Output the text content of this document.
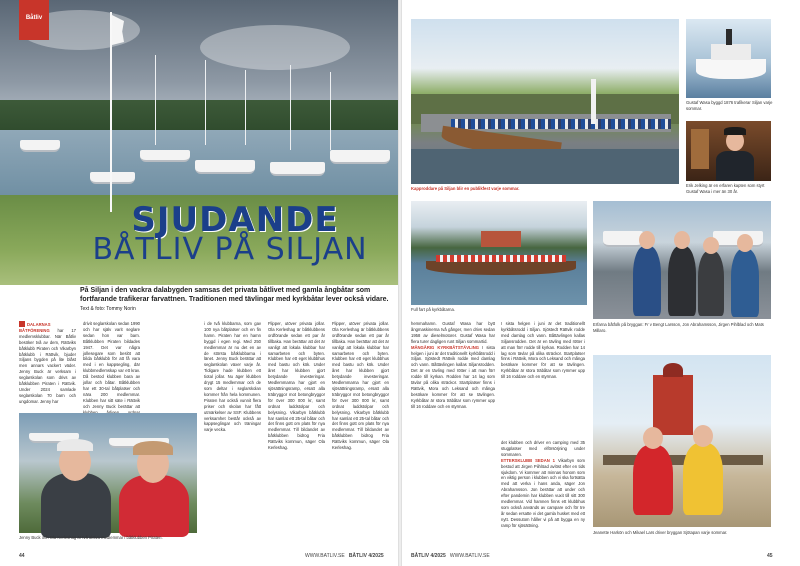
Båtliv
SJUDANDE
BÅTLIV PÅ SILJAN
På Siljan i den vackra dalabygden samsas det privata båtlivet med gamla ångbåtar som fortfarande trafikerar farvattnen. Traditionen med tävlingar med kyrkbåtar lever också vidare. Text & foto: Tommy Norin
DALARNAS BÅTFÖRENING har 17 medlemsklubbar. När Båtliv besöker två av dem, Rättviks båtklubb Piraten och Vikarbyn båtklubb i Rättvik, bjuder Siljans bygden på lite blåst men annars vackert väder. Jenny Buck är verksam i seglarskolan som drivs av båtklubben Piraten i Rättvik. Under 2024 samlade seglarskolan 70 barn och ungdomar. Jenny har
drivit seglarskolan sedan 1990 och har själv varit seglare sedan hon var barn. Båtklubben Piraten bildades 1947. Det var några jollesegare som beslöt att bilda båtklubb för att få vara med i en kappsegling, där klubbmedlemskap var ett krav. Då bestod klubben bara av jollar och båtar. Båtklubben har ett 30-tal båtplatser och nära 200 medlemmar. Klubben har sitt säte i Rättvik och Jenny Buck berättar att
i de två klubbarna, som gav 100 nya båtplatser och en fin hamn. Piraten har en hamn byggd i egen regi. Med 250 medlemmar är nu det en av de största båtklubbarna i länet. Jenny Buck berättar att seglarskolan växer varje år. Tidigare hade klubben ett tiotal jollar. Nu äger klubben drygt 15 medlemmar och de som deltar i seglarskolan kommer från hela kommunen. Piraten har också vunnit flera priser och skolan har fått utmärkelser av SSF. Klubbens verksamhet består också av kappseglingar och träningar varje vecka.
Flipper, utöver privata jollar. Ola Kerleshag är båtklubbens ordförande sedan ett par år tillbaka. Han berättar att det är vanligt att lokala klubbar har samarbeten och byten. Klubben har ett eget klubbhus med bastu och kök. Under året har klubben gjort betydande investeringar. Medlemmarna har gjort en sjösättningsramp, ersatt alla träbryggor mot betongbryggor för över 300 000 kr, samt ordnat laddstolpar och belysning. Vikarbyn båtklubb har samlat ett 25-tal båtar och det finns gott om plats för nya medlemmar. Till bildandet av båtklubben bidrog Fria Rättviks kommun, säger Ola Kerleshag.
Flipper, utöver privata jollar. Ola Kerleshag är båtklubbens ordförande sedan ett par år tillbaka. Han berättar att det är vanligt att lokala klubbar har samarbeten och byten. Klubben har ett eget klubbhus med bastu och kök. Under året har klubben gjort betydande investeringar. Medlemmarna har gjort en sjösättningsramp, ersatt alla träbryggor mot betongbryggor för över 300 000 kr, samt ordnat laddstolpar och belysning. Vikarbyn båtklubb har samlat ett 25-tal båtar och det finns gott om plats för nya medlemmar. Till bildandet av båtklubben bidrog Fria Rättviks kommun, säger Ola Kerleshag.
Jenny Buck och Ola Kerleshag är två aktiva medlemmar i båtklubben Piraten.
44	WWW.BATLIV.SE BÅTLIV 4/2025
Kapproddare på Siljan blir en publikfest varje sommar.
Gustaf Wasa byggd 1876 trafikerar Siljan varje sommar.
Erik Jelking är en erfaren kapten som styrt Gustaf Wasa i mer än 30 år.
Full fart på kyrkbåtarna.
Erfarna båtfolk på bryggan: Fr v Bengt Larsson, Jon Abrahamsson, Jirgen Pihlblad och Mats Millaro.
hemmahamn. Gustaf Wasa har bytt ångmaskinerna två gånger, men drivs sedan 1958 av dieselmotorer. Gustaf Wasa har flera turer dagligen runt Siljan sommartid.
MÅNGÅRIG KYRKBÅTSTÄVLING I sista helgen i juni är det traditionellt kyrkbåtsrodd i Siljan. Sjöstedt Rättvik rodde med damlag och vann. Båttävlingen kallas Siljansrodden. Det är en tävling med rötter i att man förr rodde till kyrkan. Rodden har 14 lag som tävlar på olika sträckor. Startplatser finns i Rättvik, Mora och Leksand och många besökare kommer för att se tävlingen. Kyrkbåtar är stora träbåtar som rymmer upp till 16 roddare och en styrman.
I sista helgen i juni är det traditionellt kyrkbåtsrodd i Siljan. Sjöstedt Rättvik rodde med damlag och vann. Båttävlingen kallas Siljansrodden. Det är en tävling med rötter i att man förr rodde till kyrkan. Rodden har 14 lag som tävlar på olika sträckor. Startplatser finns i Rättvik, Mora och Leksand och många besökare kommer för att se tävlingen. Kyrkbåtar är stora träbåtar som rymmer upp till 16 roddare och en styrman.
Jeanette Harkön och Mikael Lars driver bryggan Sjötapan varje sommar.
BÅTLIV 4/2025 WWW.BATLIV.SE	45
det klubben och driver en camping med 35 stugplatser med elförsörjning under sommaren.
ETTERSKLUBB SEDAN 1 Vikarbyn som bestod att Jirgen Piihlöad avlöst efter en tids sjukdom. Vi kommer att minnas honom som en viktig person i klubben och vi ska fortsätta med att verka i hans anda, säger Jon Abrahamsson. Jon berättar att under och efter pandemin har klubben vuxit till sitt 300 medlemmar. Vid hamnen finns ett klubbhus som också används av campare och för tre år sedan ersatte vi det gamla husket med ett nytt. Dessutom håller vi på att bygga en ny ramp för sjösättning.
